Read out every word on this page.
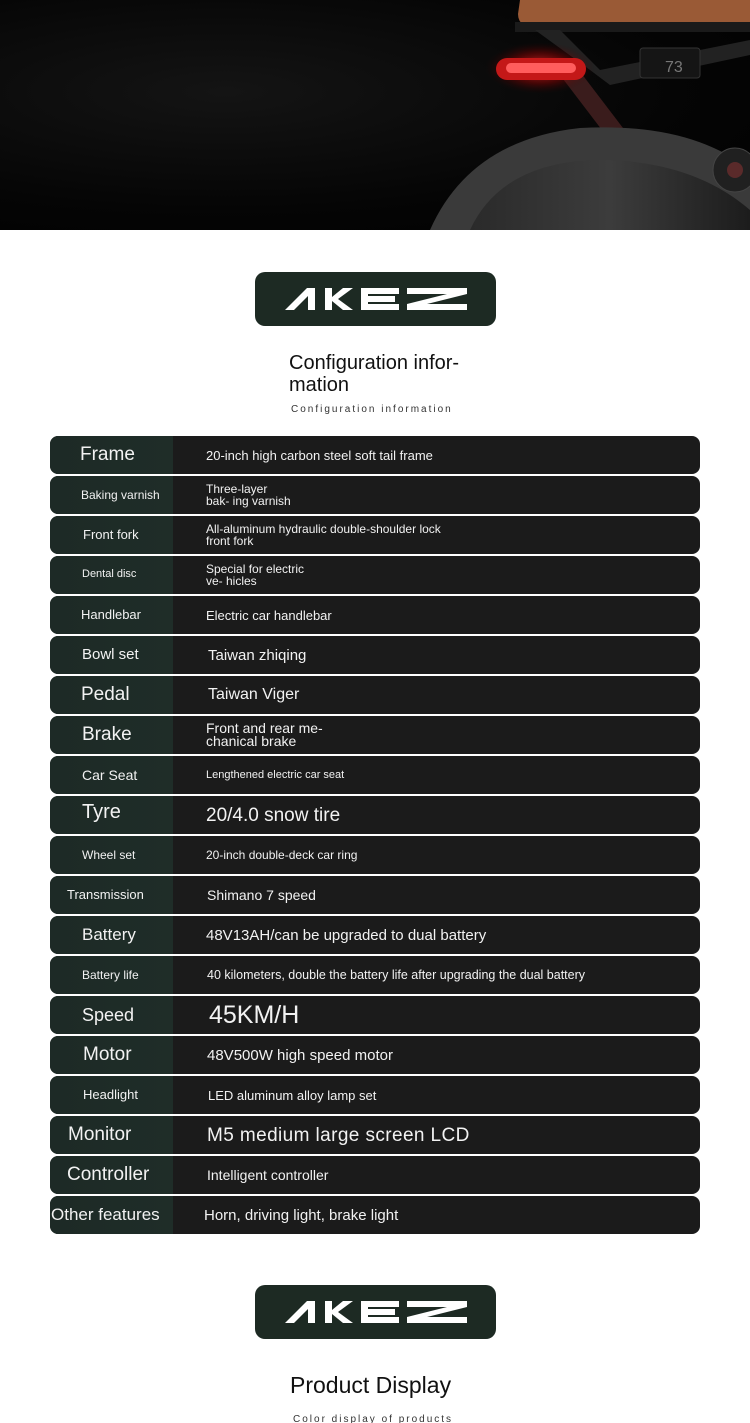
73
Configuration infor- mation
Configuration information
Frame	20-inch high carbon steel soft tail frame
Baking varnish	Three-layer bak- ing varnish
Front fork	All-aluminum hydraulic double-shoulder lock front fork
Dental disc	Special for electric ve- hicles
Handlebar	Electric car handlebar
Bowl set	Taiwan zhiqing
Pedal	Taiwan Viger
Brake	Front and rear me- chanical brake
Car Seat	Lengthened electric car seat
Tyre	20/4.0 snow tire
Wheel set	20-inch double-deck car ring
Transmission	Shimano 7 speed
Battery	48V13AH/can be upgraded to dual battery
Battery life	40 kilometers, double the battery life after upgrading the dual battery
Speed	45KM/H
Motor	48V500W high speed motor
Headlight	LED aluminum alloy lamp set
Monitor	M5 medium large screen LCD
Controller	Intelligent controller
Other features	Horn, driving light, brake light
Product Display
Color display of products
